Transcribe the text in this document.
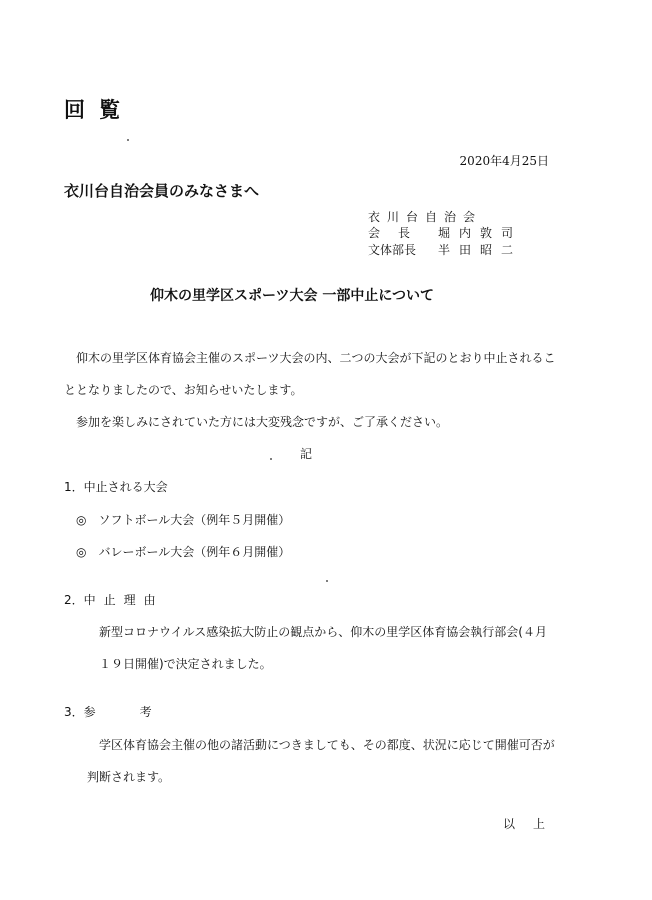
回覧
2020年4月25日
衣川台自治会員のみなさまへ
衣川台自治会
会長 堀内敦司
文体部長 半田昭二
仰木の里学区スポーツ大会 一部中止について
仰木の里学区体育協会主催のスポーツ大会の内、二つの大会が下記のとおり中止されるこ
ととなりましたので、お知らせいたします。
参加を楽しみにされていた方には大変残念ですが、ご了承ください。
記
1．中止される大会
◎　ソフトボール大会（例年５月開催）
◎　バレーボール大会（例年６月開催）
2．中止理由
新型コロナウイルス感染拡大防止の観点から、仰木の里学区体育協会執行部会(４月
１９日開催)で決定されました。
3．参考
学区体育協会主催の他の諸活動につきましても、その都度、状況に応じて開催可否が
判断されます。
以上
